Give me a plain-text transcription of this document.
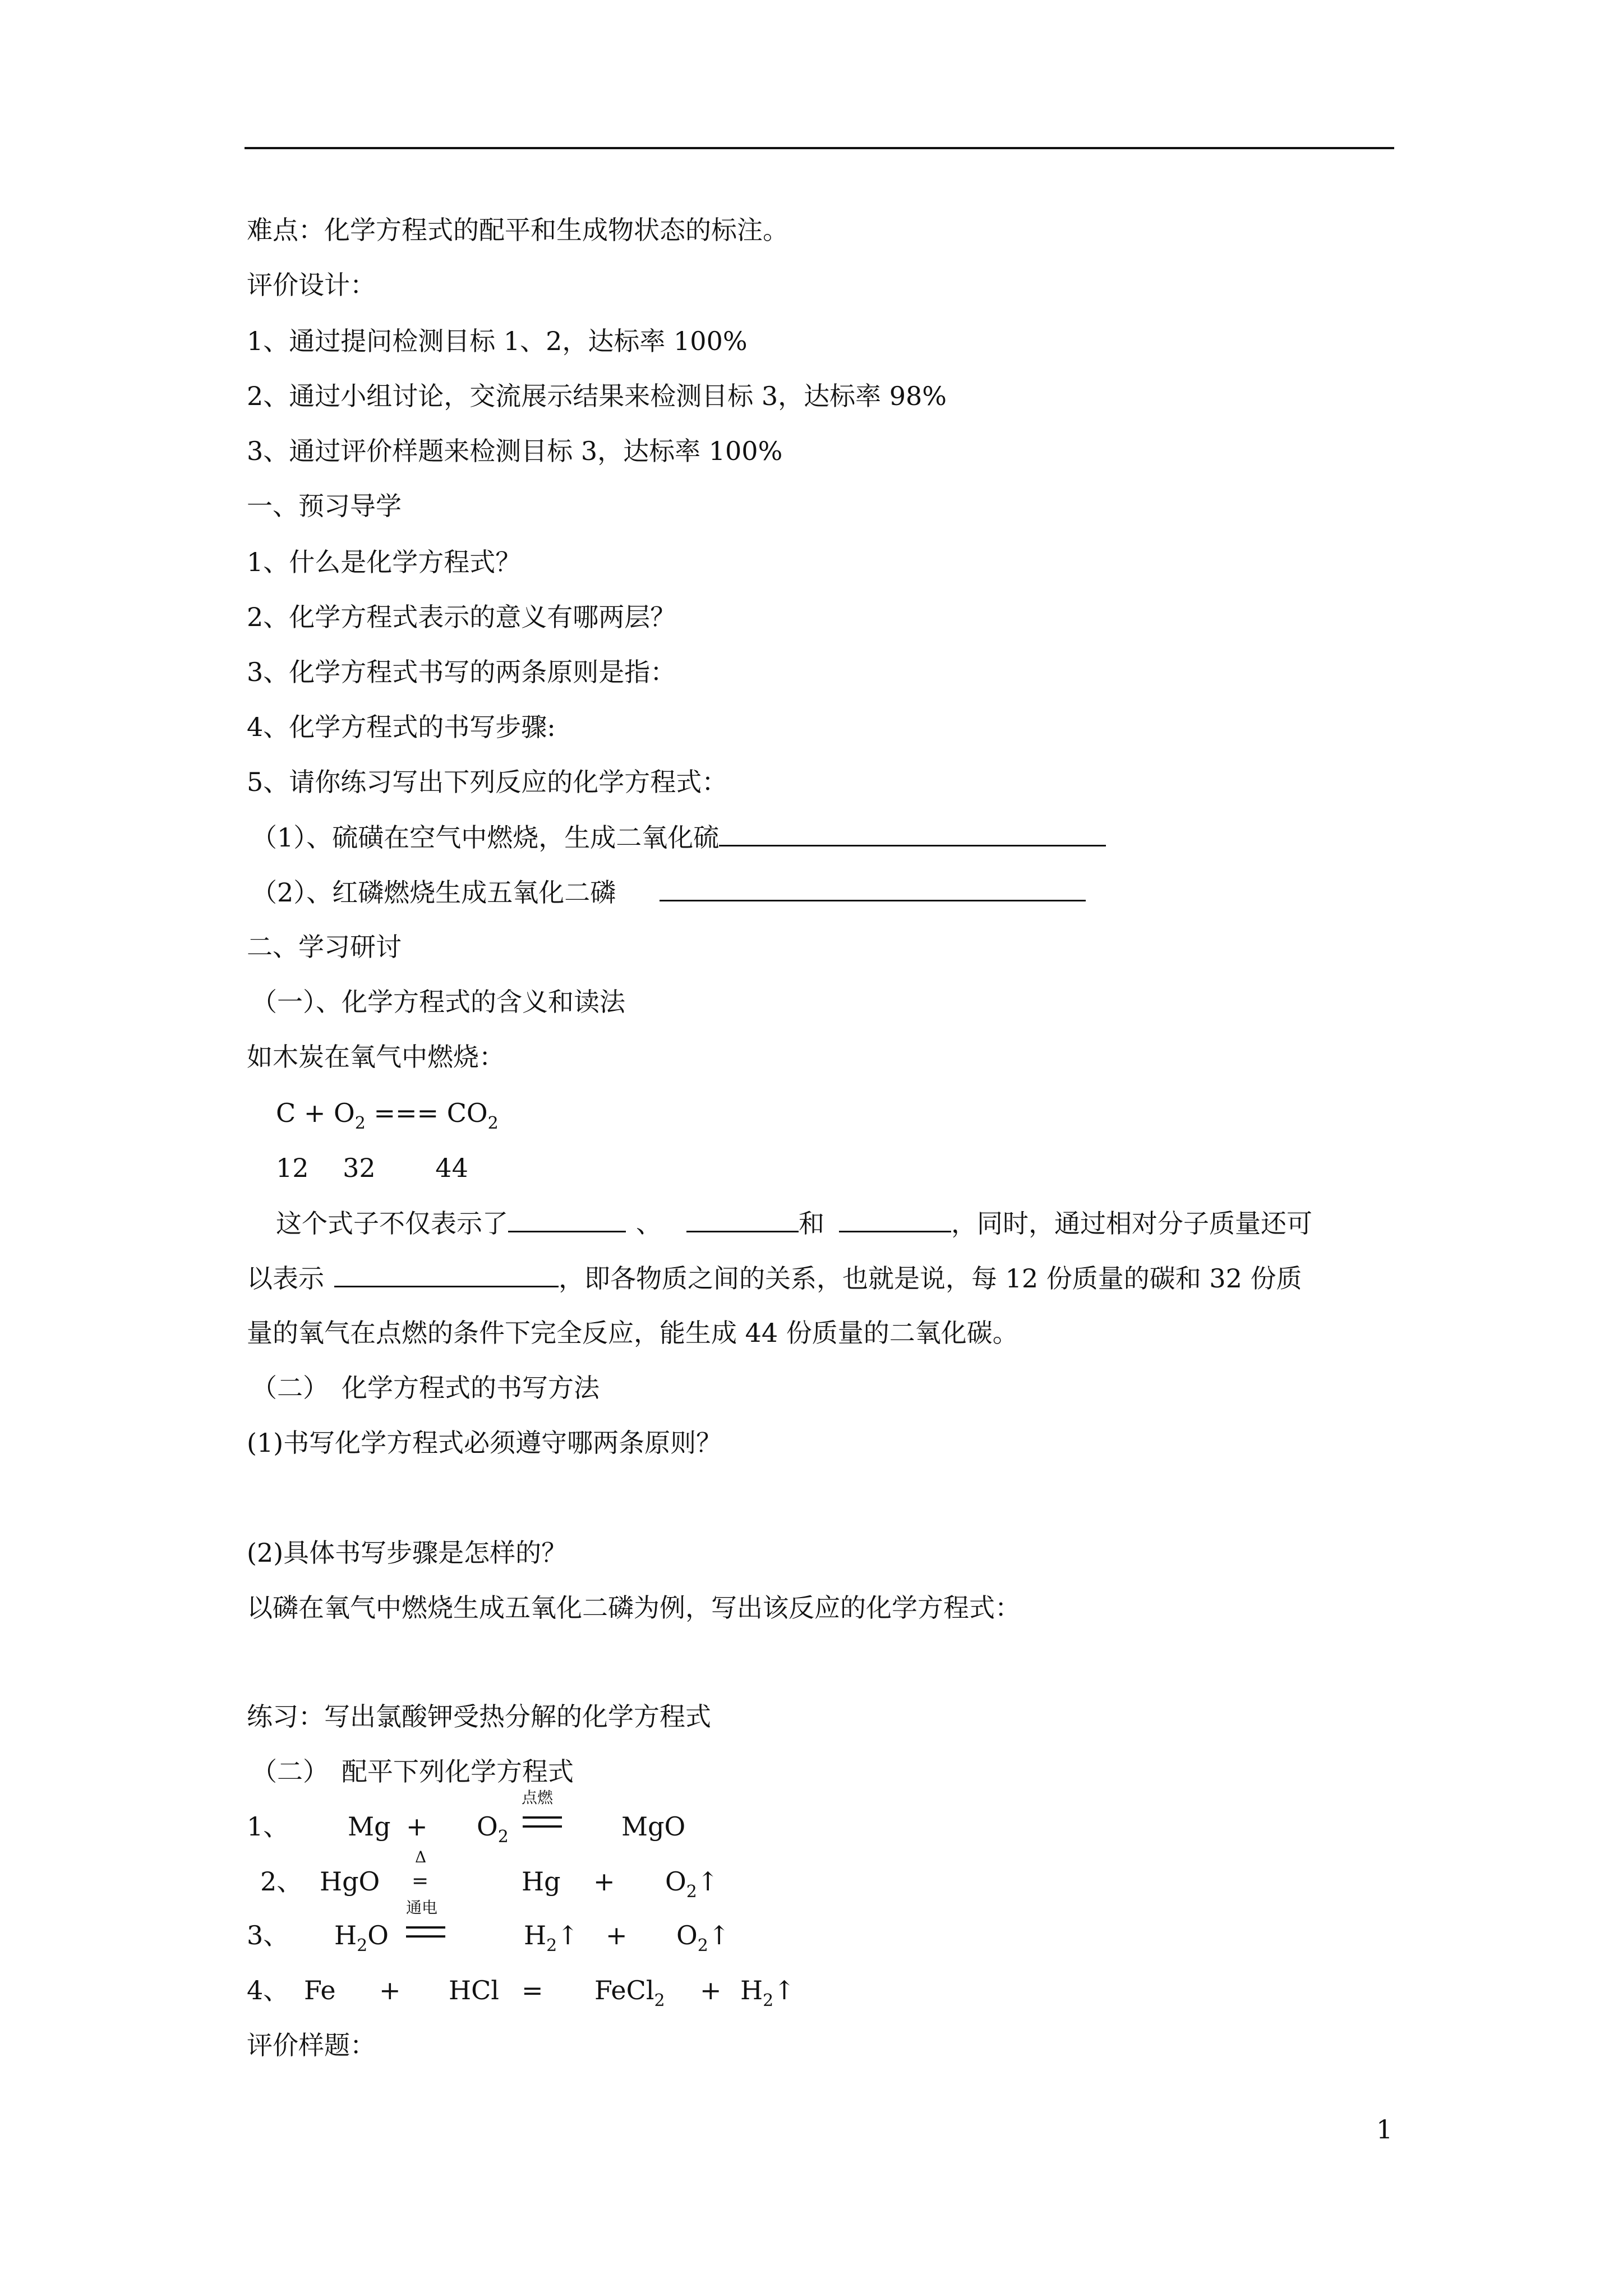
难点：化学方程式的配平和生成物状态的标注。
评价设计：
1、通过提问检测目标 1、2，达标率 100%
2、通过小组讨论，交流展示结果来检测目标 3，达标率 98%
3、通过评价样题来检测目标 3，达标率 100%
一、预习导学
1、什么是化学方程式？
2、化学方程式表示的意义有哪两层？
3、化学方程式书写的两条原则是指：
4、化学方程式的书写步骤:
5、请你练习写出下列反应的化学方程式：
（1）、硫磺在空气中燃烧，生成二氧化硫
（2）、红磷燃烧生成五氧化二磷
二、学习研讨
（一）、化学方程式的含义和读法
如木炭在氧气中燃烧：
$C + O_2$ === $CO_2$
12　 32　　 44
这个式子不仅表示了	、	和	，同时，通过相对分子质量还可
以表示	，即各物质之间的关系，也就是说，每 12 份质量的碳和 32 份质
量的氧气在点燃的条件下完全反应，能生成 44 份质量的二氧化碳。
（二）　化学方程式的书写方法
(1)书写化学方程式必须遵守哪两条原则？
(2)具体书写步骤是怎样的？
以磷在氧气中燃烧生成五氧化二磷为例，写出该反应的化学方程式：
练习：写出氯酸钾受热分解的化学方程式
（二）　配平下列化学方程式
1、 $Mg + O_2$
点燃
MgO
2、 HgO
Δ
=	$Hg + O_2↑$
3、 $H_2O$
通电
$H_2↑$ + $O_2↑$
4、 Fe + HCl = FeCl$_2$ + $H_2↑$
评价样题：
1
